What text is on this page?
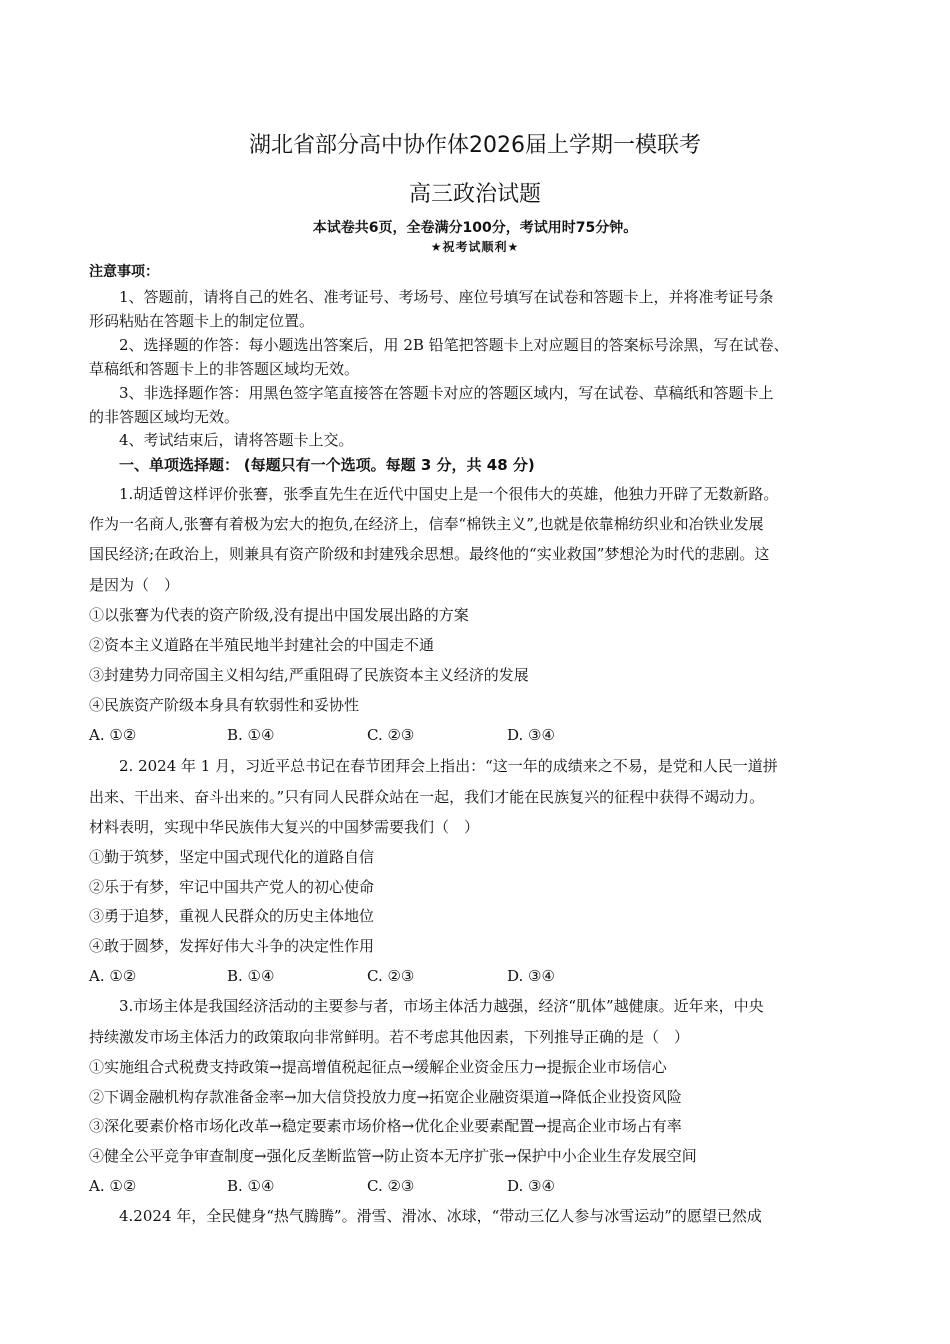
湖北省部分高中协作体2026届上学期一模联考
高三政治试题
本试卷共6页，全卷满分100分，考试用时75分钟。
★祝考试顺利★
注意事项：
1、答题前，请将自己的姓名、准考证号、考场号、座位号填写在试卷和答题卡上，并将准考证号条
形码粘贴在答题卡上的制定位置。
2、选择题的作答：每小题选出答案后，用 2B 铅笔把答题卡上对应题目的答案标号涂黑，写在试卷、
草稿纸和答题卡上的非答题区域均无效。
3、非选择题作答：用黑色签字笔直接答在答题卡对应的答题区域内，写在试卷、草稿纸和答题卡上
的非答题区域均无效。
4、考试结束后，请将答题卡上交。
一、单项选择题： (每题只有一个选项。每题 3 分，共 48 分)
1.胡适曾这样评价张謇，张季直先生在近代中国史上是一个很伟大的英雄，他独力开辟了无数新路。
作为一名商人,张謇有着极为宏大的抱负,在经济上，信奉“棉铁主义”,也就是依靠棉纺织业和冶铁业发展
国民经济;在政治上，则兼具有资产阶级和封建残余思想。最终他的“实业救国”梦想沦为时代的悲剧。这
是因为（　）
①以张謇为代表的资产阶级,没有提出中国发展出路的方案
②资本主义道路在半殖民地半封建社会的中国走不通
③封建势力同帝国主义相勾结,严重阻碍了民族资本主义经济的发展
④民族资产阶级本身具有软弱性和妥协性
A. ①②	B. ①④	C. ②③	D. ③④
2. 2024 年 1 月，习近平总书记在春节团拜会上指出：“这一年的成绩来之不易，是党和人民一道拼
出来、干出来、奋斗出来的。”只有同人民群众站在一起，我们才能在民族复兴的征程中获得不竭动力。
材料表明，实现中华民族伟大复兴的中国梦需要我们（　）
①勤于筑梦，坚定中国式现代化的道路自信
②乐于有梦，牢记中国共产党人的初心使命
③勇于追梦，重视人民群众的历史主体地位
④敢于圆梦，发挥好伟大斗争的决定性作用
A. ①②	B. ①④	C. ②③	D. ③④
3.市场主体是我国经济活动的主要参与者，市场主体活力越强，经济“肌体”越健康。近年来，中央
持续激发市场主体活力的政策取向非常鲜明。若不考虑其他因素，下列推导正确的是（　）
①实施组合式税费支持政策→提高增值税起征点→缓解企业资金压力→提振企业市场信心
②下调金融机构存款准备金率→加大信贷投放力度→拓宽企业融资渠道→降低企业投资风险
③深化要素价格市场化改革→稳定要素市场价格→优化企业要素配置→提高企业市场占有率
④健全公平竞争审查制度→强化反垄断监管→防止资本无序扩张→保护中小企业生存发展空间
A. ①②	B. ①④	C. ②③	D. ③④
4.2024 年，全民健身“热气腾腾”。滑雪、滑冰、冰球，“带动三亿人参与冰雪运动”的愿望已然成
